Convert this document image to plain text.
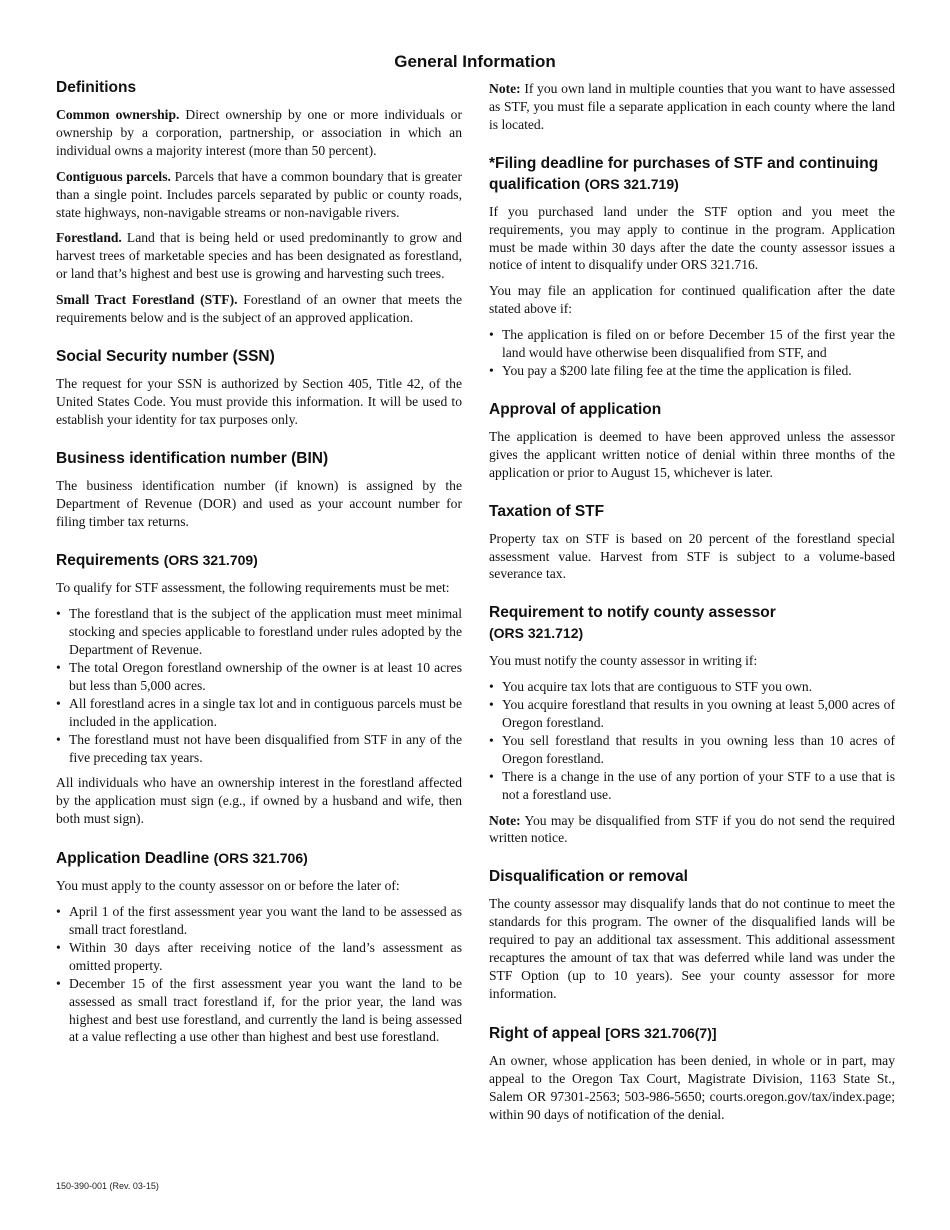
General Information
Definitions

Common ownership. Direct ownership by one or more individuals or ownership by a corporation, partnership, or association in which an individual owns a majority interest (more than 50 percent).

Contiguous parcels. Parcels that have a common boundary that is greater than a single point. Includes parcels separated by public or county roads, state highways, non-navigable streams or non-navigable rivers.

Forestland. Land that is being held or used predominantly to grow and harvest trees of marketable species and has been designated as forestland, or land that’s highest and best use is growing and harvesting such trees.

Small Tract Forestland (STF). Forestland of an owner that meets the requirements below and is the subject of an approved application.

Social Security number (SSN)

The request for your SSN is authorized by Section 405, Title 42, of the United States Code. You must provide this information. It will be used to establish your identity for tax purposes only.

Business identification number (BIN)

The business identification number (if known) is assigned by the Department of Revenue (DOR) and used as your account number for filing timber tax returns.

Requirements (ORS 321.709)

To qualify for STF assessment, the following requirements must be met:

• The forestland that is the subject of the application must meet minimal stocking and species applicable to forestland under rules adopted by the Department of Revenue.
• The total Oregon forestland ownership of the owner is at least 10 acres but less than 5,000 acres.
• All forestland acres in a single tax lot and in contiguous parcels must be included in the application.
• The forestland must not have been disqualified from STF in any of the five preceding tax years.

All individuals who have an ownership interest in the forestland affected by the application must sign (e.g., if owned by a husband and wife, then both must sign).

Application Deadline (ORS 321.706)

You must apply to the county assessor on or before the later of:

• April 1 of the first assessment year you want the land to be assessed as small tract forestland.
• Within 30 days after receiving notice of the land’s assessment as omitted property.
• December 15 of the first assessment year you want the land to be assessed as small tract forestland if, for the prior year, the land was highest and best use forestland, and currently the land is being assessed at a value reflecting a use other than highest and best use forestland.

Note: If you own land in multiple counties that you want to have assessed as STF, you must file a separate application in each county where the land is located.

*Filing deadline for purchases of STF and continuing qualification (ORS 321.719)

If you purchased land under the STF option and you meet the requirements, you may apply to continue in the program. Application must be made within 30 days after the date the county assessor issues a notice of intent to disqualify under ORS 321.716.

You may file an application for continued qualification after the date stated above if:

• The application is filed on or before December 15 of the first year the land would have otherwise been disqualified from STF, and
• You pay a $200 late filing fee at the time the application is filed.
Approval of application

The application is deemed to have been approved unless the assessor gives the applicant written notice of denial within three months of the application or prior to August 15, whichever is later.

Taxation of STF

Property tax on STF is based on 20 percent of the forestland special assessment value. Harvest from STF is subject to a volume-based severance tax.

Requirement to notify county assessor
(ORS 321.712)

You must notify the county assessor in writing if:

• You acquire tax lots that are contiguous to STF you own.
• You acquire forestland that results in you owning at least 5,000 acres of Oregon forestland.
• You sell forestland that results in you owning less than 10 acres of Oregon forestland.
• There is a change in the use of any portion of your STF to a use that is not a forestland use.

Note: You may be disqualified from STF if you do not send the required written notice.

Disqualification or removal

The county assessor may disqualify lands that do not continue to meet the standards for this program. The owner of the disqualified lands will be required to pay an additional tax assessment. This additional assessment recaptures the amount of tax that was deferred while land was under the STF Option (up to 10 years). See your county assessor for more information.

Right of appeal [ORS 321.706(7)]

An owner, whose application has been denied, in whole or in part, may appeal to the Oregon Tax Court, Magistrate Division, 1163 State St., Salem OR 97301-2563; 503-986-5650; courts.oregon.gov/tax/index.page; within 90 days of notification of the denial.

150-390-001 (Rev. 03-15)
